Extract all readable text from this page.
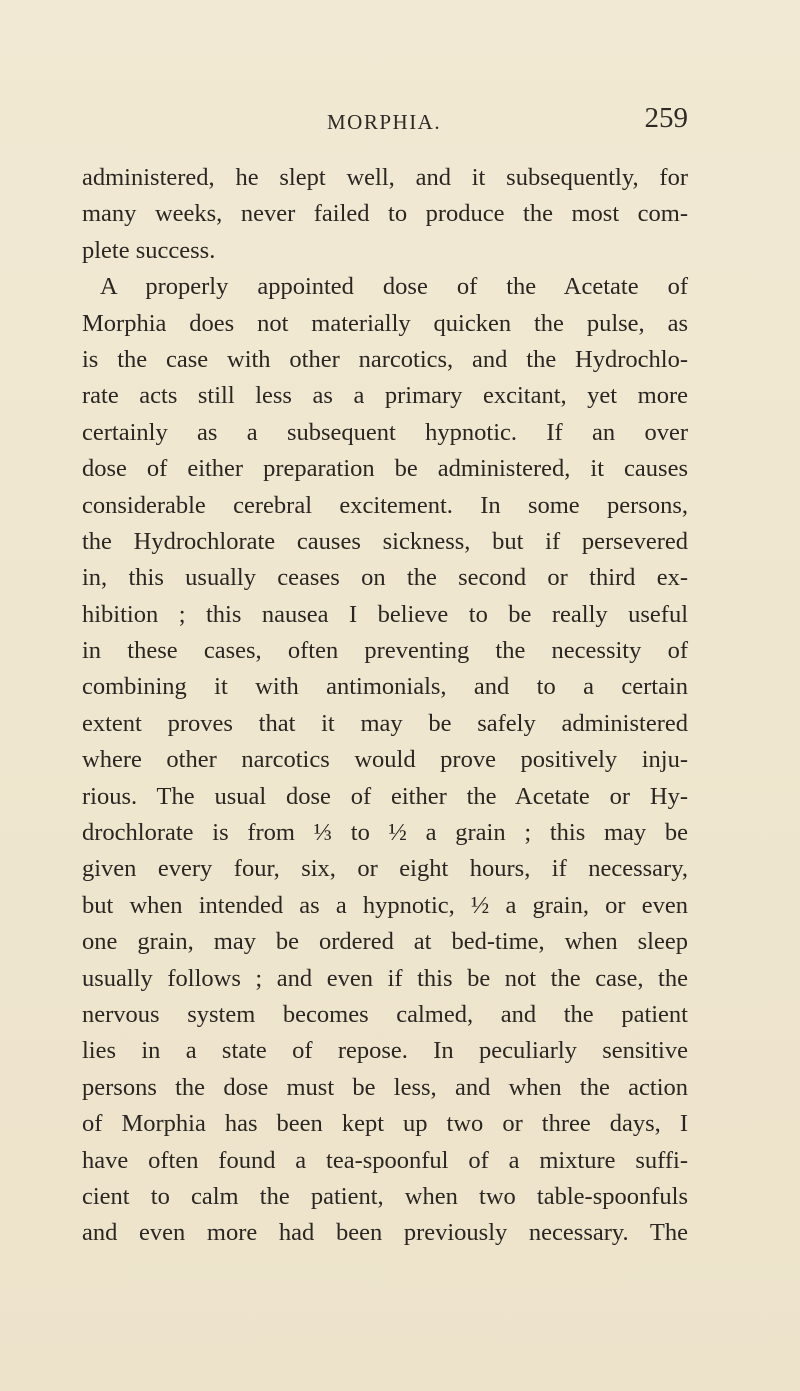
MORPHIA.	259
administered, he slept well, and it subsequently, for
many weeks, never failed to produce the most com-
plete success.
A properly appointed dose of the Acetate of
Morphia does not materially quicken the pulse, as
is the case with other narcotics, and the Hydrochlo-
rate acts still less as a primary excitant, yet more
certainly as a subsequent hypnotic. If an over
dose of either preparation be administered, it causes
considerable cerebral excitement. In some persons,
the Hydrochlorate causes sickness, but if persevered
in, this usually ceases on the second or third ex-
hibition ; this nausea I believe to be really useful
in these cases, often preventing the necessity of
combining it with antimonials, and to a certain
extent proves that it may be safely administered
where other narcotics would prove positively inju-
rious. The usual dose of either the Acetate or Hy-
drochlorate is from ⅓ to ½ a grain ; this may be
given every four, six, or eight hours, if necessary,
but when intended as a hypnotic, ½ a grain, or even
one grain, may be ordered at bed-time, when sleep
usually follows ; and even if this be not the case, the
nervous system becomes calmed, and the patient
lies in a state of repose. In peculiarly sensitive
persons the dose must be less, and when the action
of Morphia has been kept up two or three days, I
have often found a tea-spoonful of a mixture suffi-
cient to calm the patient, when two table-spoonfuls
and even more had been previously necessary. The
